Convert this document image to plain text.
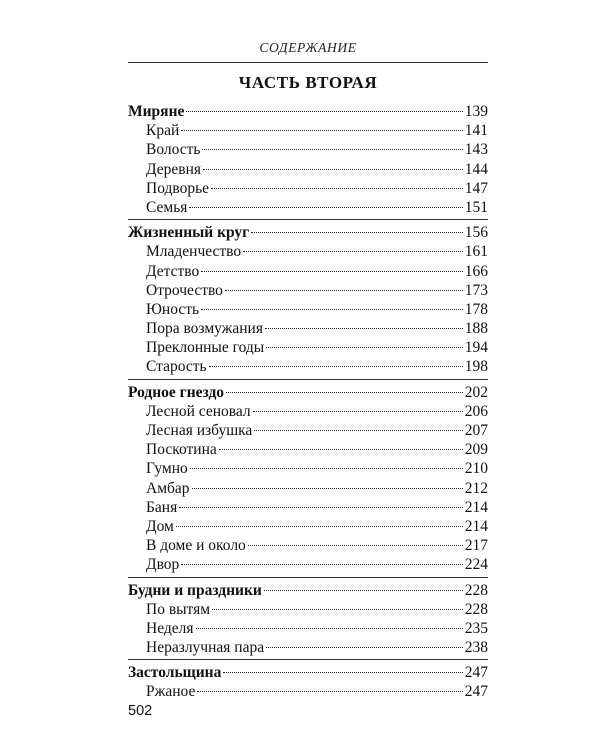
СОДЕРЖАНИЕ
ЧАСТЬ ВТОРАЯ
Миряне	139
Край	141
Волость	143
Деревня	144
Подворье	147
Семья	151
Жизненный круг	156
Младенчество	161
Детство	166
Отрочество	173
Юность	178
Пора возмужания	188
Преклонные годы	194
Старость	198
Родное гнездо	202
Лесной сеновал	206
Лесная избушка	207
Поскотина	209
Гумно	210
Амбар	212
Баня	214
Дом	214
В доме и около	217
Двор	224
Будни и праздники	228
По вытям	228
Неделя	235
Неразлучная пара	238
Застольщина	247
Ржаное	247
502
